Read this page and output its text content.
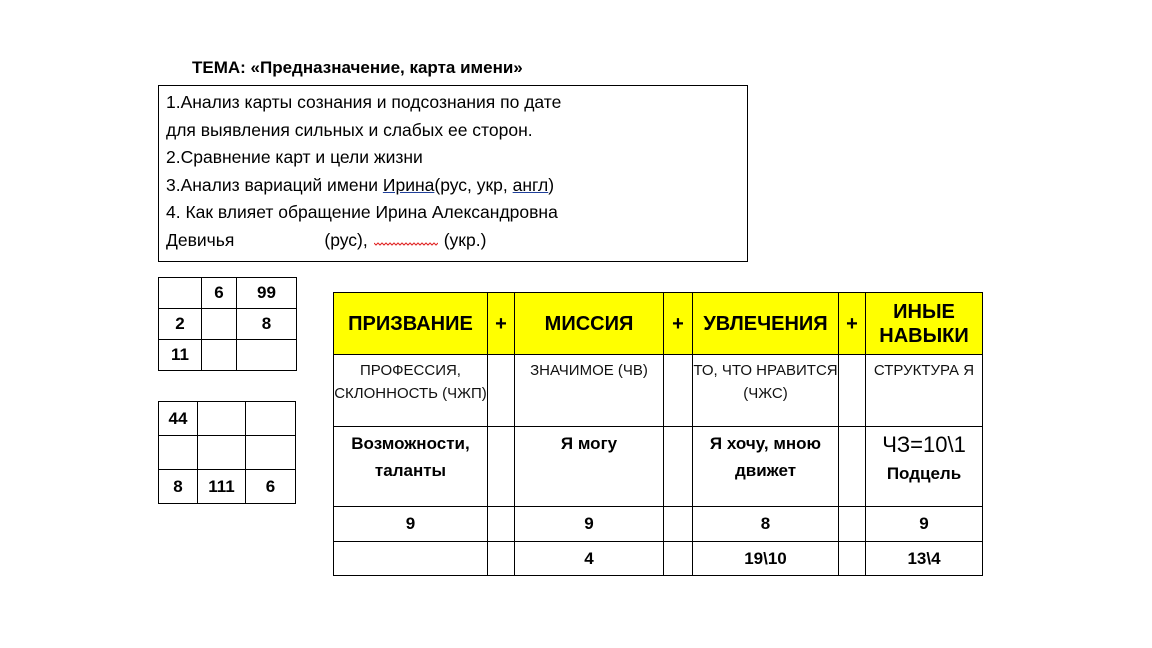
ТЕМА: «Предназначение, карта имени»
1.Анализ карты сознания и подсознания по дате
для выявления сильных и слабых ее сторон.
2.Сравнение карт и цели жизни
3.Анализ вариаций имени Ирина(рус, укр, англ)
4. Как влияет обращение Ирина Александровна
Девичья	(рус),	(укр.)
	6	99
2		8
11		
44		

8	111	6
ПРИЗВАНИЕ	+	МИССИЯ	+	УВЛЕЧЕНИЯ	+	ИНЫЕ НАВЫКИ
ПРОФЕССИЯ, СКЛОННОСТЬ (ЧЖП)		ЗНАЧИМОЕ (ЧВ)		ТО, ЧТО НРАВИТСЯ (ЧЖС)		СТРУКТУРА Я
Возможности, таланты		Я могу		Я хочу, мною движет		ЧЗ=10\1
Подцель
9		9		8		9
		4		19\10		13\4
